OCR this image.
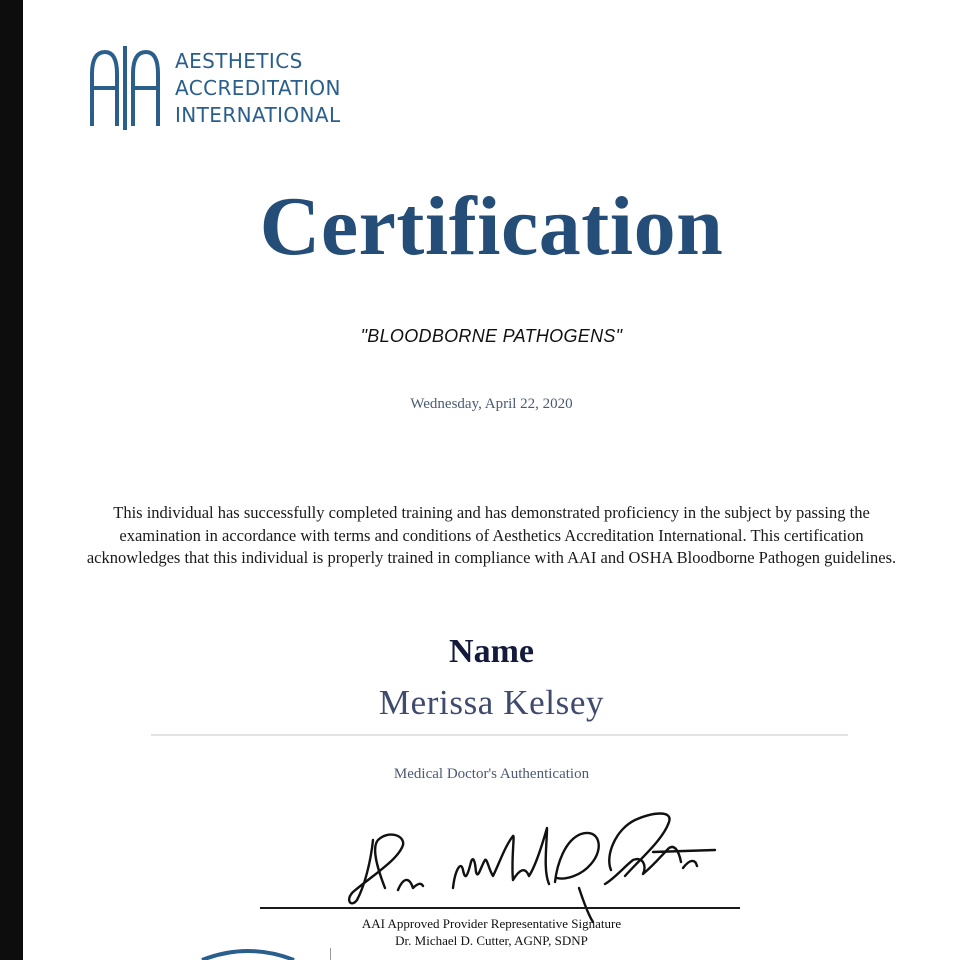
AESTHETICS
ACCREDITATION
INTERNATIONAL
Certification
"BLOODBORNE PATHOGENS"
Wednesday, April 22, 2020
This individual has successfully completed training and has demonstrated proficiency in the subject by passing the examination in accordance with terms and conditions of Aesthetics Accreditation International. This certification acknowledges that this individual is properly trained in compliance with AAI and OSHA Bloodborne Pathogen guidelines.
Name
Merissa Kelsey
Medical Doctor's Authentication
AAI Approved Provider Representative Signature
Dr. Michael D. Cutter, AGNP, SDNP
